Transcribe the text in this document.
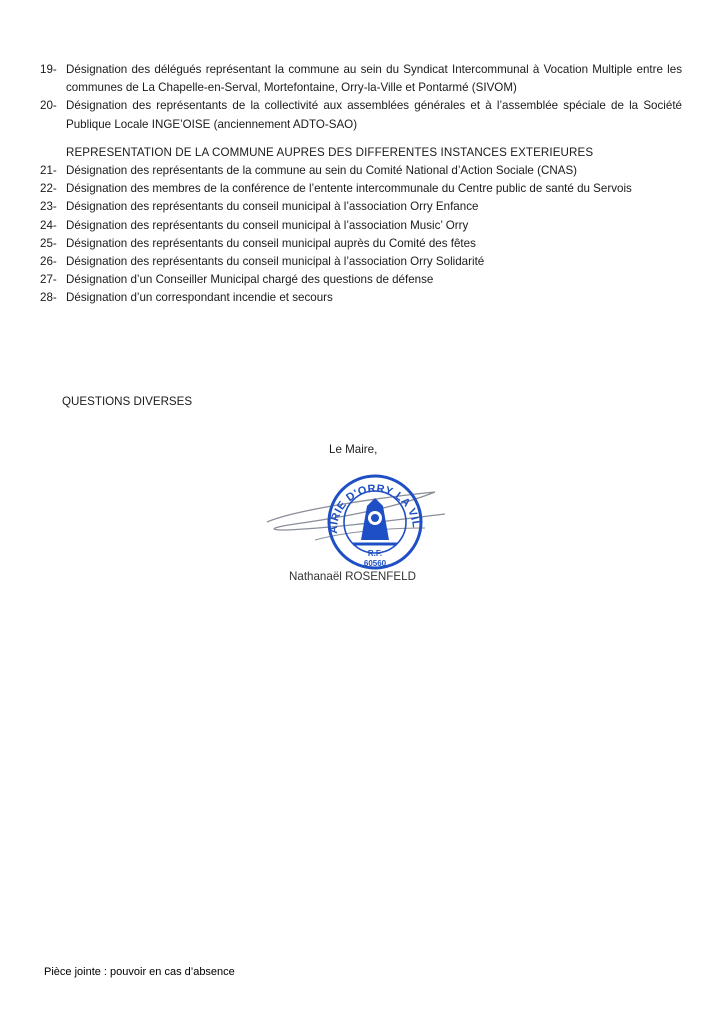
19- Désignation des délégués représentant la commune au sein du Syndicat Intercommunal à Vocation Multiple entre les communes de La Chapelle-en-Serval, Mortefontaine, Orry-la-Ville et Pontarmé (SIVOM)
20- Désignation des représentants de la collectivité aux assemblées générales et à l’assemblée spéciale de la Société Publique Locale INGE’OISE (anciennement ADTO-SAO)
REPRESENTATION DE LA COMMUNE AUPRES DES DIFFERENTES INSTANCES EXTERIEURES
21- Désignation des représentants de la commune au sein du Comité National d’Action Sociale (CNAS)
22- Désignation des membres de la conférence de l’entente intercommunale du Centre public de santé du Servois
23- Désignation des représentants du conseil municipal à l’association Orry Enfance
24- Désignation des représentants du conseil municipal à l’association Music’ Orry
25- Désignation des représentants du conseil municipal auprès du Comité des fêtes
26- Désignation des représentants du conseil municipal à l’association Orry Solidarité
27- Désignation d’un Conseiller Municipal chargé des questions de défense
28- Désignation d’un correspondant incendie et secours
QUESTIONS DIVERSES
Le Maire,
AIRIE D'ORRY LA VIL
R.F.
60560
Nathanaël ROSENFELD
Pièce jointe : pouvoir en cas d’absence
